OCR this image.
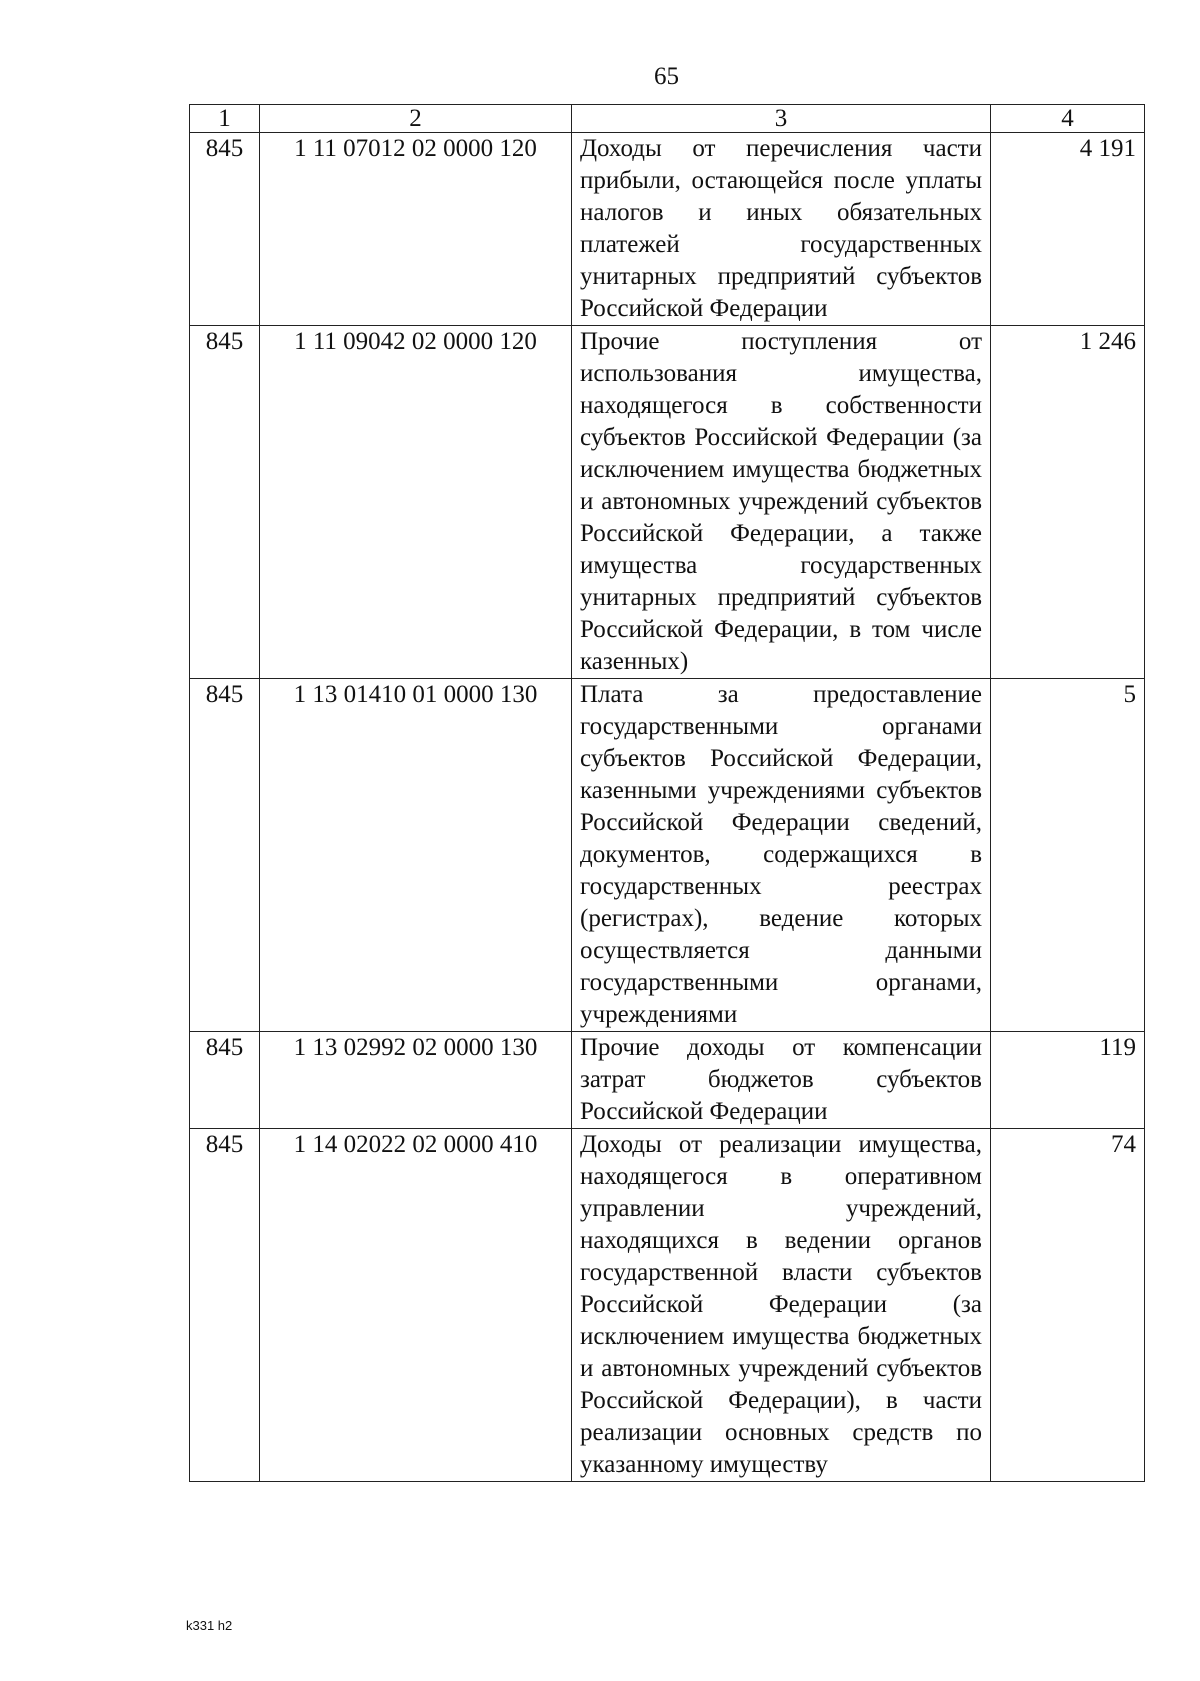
65
1	2	3	4
845	1 11 07012 02 0000 120	Доходы от перечисления части прибыли, остающейся после уплаты налогов и иных обязательных платежей государственных унитарных предприятий субъектов Российской Федерации	4 191
845	1 11 09042 02 0000 120	Прочие поступления от использования имущества, находящегося в собственности субъектов Российской Федерации (за исключением имущества бюджетных и автономных учреждений субъектов Российской Федерации, а также имущества государственных унитарных предприятий субъектов Российской Федерации, в том числе казенных)	1 246
845	1 13 01410 01 0000 130	Плата за предоставление государственными органами субъектов Российской Федерации, казенными учреждениями субъектов Российской Федерации сведений, документов, содержащихся в государственных реестрах (регистрах), ведение которых осуществляется данными государственными органами, учреждениями	5
845	1 13 02992 02 0000 130	Прочие доходы от компенсации затрат бюджетов субъектов Российской Федерации	119
845	1 14 02022 02 0000 410	Доходы от реализации имущества, находящегося в оперативном управлении учреждений, находящихся в ведении органов государственной власти субъектов Российской Федерации (за исключением имущества бюджетных и автономных учреждений субъектов Российской Федерации), в части реализации основных средств по указанному имуществу	74
k331 h2
